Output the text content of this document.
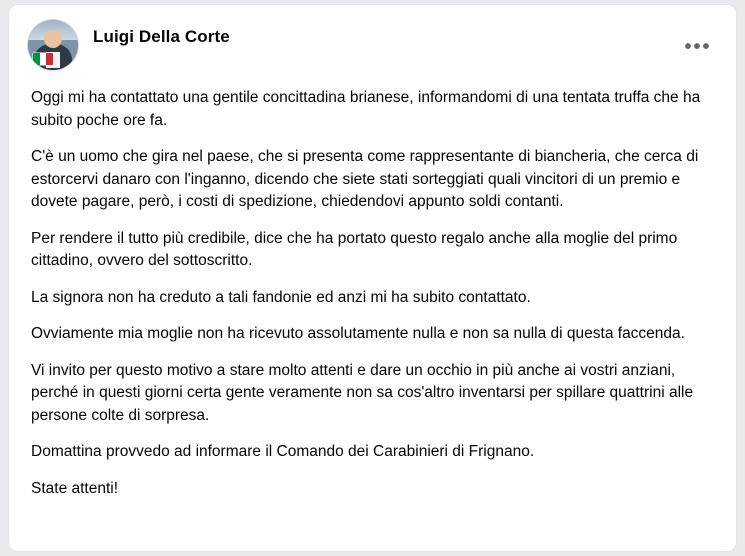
Luigi Della Corte	•••

Oggi mi ha contattato una gentile concittadina brianese, informandomi di una tentata truffa che ha subito poche ore fa.

C'è un uomo che gira nel paese, che si presenta come rappresentante di biancheria, che cerca di estorcervi danaro con l'inganno, dicendo che siete stati sorteggiati quali vincitori di un premio e dovete pagare, però, i costi di spedizione, chiedendovi appunto soldi contanti.

Per rendere il tutto più credibile, dice che ha portato questo regalo anche alla moglie del primo cittadino, ovvero del sottoscritto.

La signora non ha creduto a tali fandonie ed anzi mi ha subito contattato.

Ovviamente mia moglie non ha ricevuto assolutamente nulla e non sa nulla di questa faccenda.

Vi invito per questo motivo a stare molto attenti e dare un occhio in più anche ai vostri anziani, perché in questi giorni certa gente veramente non sa cos'altro inventarsi per spillare quattrini alle persone colte di sorpresa.

Domattina provvedo ad informare il Comando dei Carabinieri di Frignano.

State attenti!
